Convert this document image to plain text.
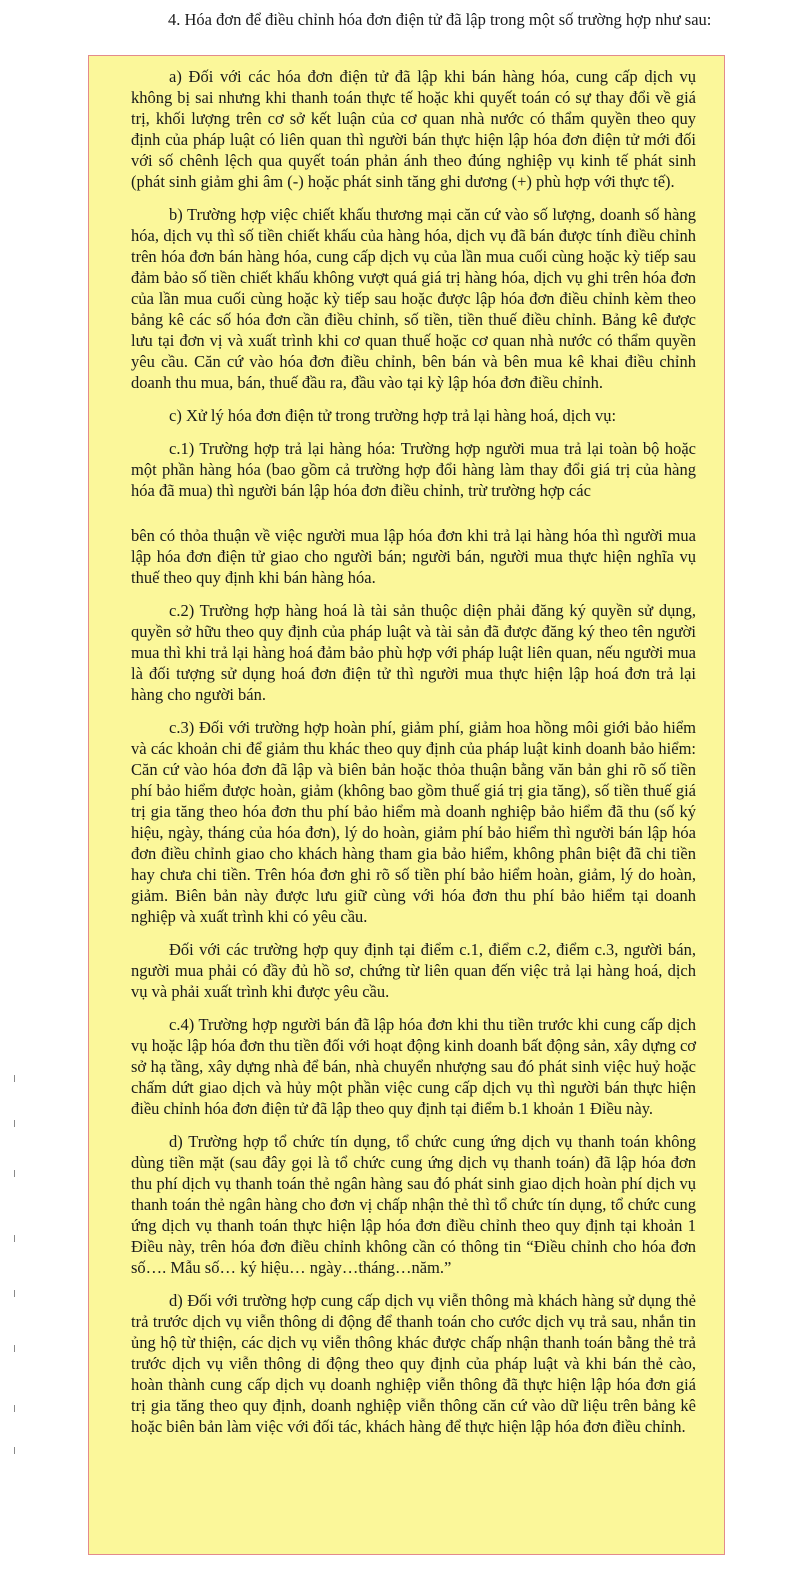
4. Hóa đơn để điều chỉnh hóa đơn điện tử đã lập trong một số trường hợp như sau:

a) Đối với các hóa đơn điện tử đã lập khi bán hàng hóa, cung cấp dịch vụ không bị sai nhưng khi thanh toán thực tế hoặc khi quyết toán có sự thay đổi về giá trị, khối lượng trên cơ sở kết luận của cơ quan nhà nước có thẩm quyền theo quy định của pháp luật có liên quan thì người bán thực hiện lập hóa đơn điện tử mới đối với số chênh lệch qua quyết toán phản ánh theo đúng nghiệp vụ kinh tế phát sinh (phát sinh giảm ghi âm (-) hoặc phát sinh tăng ghi dương (+) phù hợp với thực tế).

b) Trường hợp việc chiết khấu thương mại căn cứ vào số lượng, doanh số hàng hóa, dịch vụ thì số tiền chiết khấu của hàng hóa, dịch vụ đã bán được tính điều chỉnh trên hóa đơn bán hàng hóa, cung cấp dịch vụ của lần mua cuối cùng hoặc kỳ tiếp sau đảm bảo số tiền chiết khấu không vượt quá giá trị hàng hóa, dịch vụ ghi trên hóa đơn của lần mua cuối cùng hoặc kỳ tiếp sau hoặc được lập hóa đơn điều chỉnh kèm theo bảng kê các số hóa đơn cần điều chỉnh, số tiền, tiền thuế điều chỉnh. Bảng kê được lưu tại đơn vị và xuất trình khi cơ quan thuế hoặc cơ quan nhà nước có thẩm quyền yêu cầu. Căn cứ vào hóa đơn điều chỉnh, bên bán và bên mua kê khai điều chỉnh doanh thu mua, bán, thuế đầu ra, đầu vào tại kỳ lập hóa đơn điều chỉnh.

c) Xử lý hóa đơn điện tử trong trường hợp trả lại hàng hoá, dịch vụ:

c.1) Trường hợp trả lại hàng hóa: Trường hợp người mua trả lại toàn bộ hoặc một phần hàng hóa (bao gồm cả trường hợp đổi hàng làm thay đổi giá trị của hàng hóa đã mua) thì người bán lập hóa đơn điều chỉnh, trừ trường hợp các

bên có thỏa thuận về việc người mua lập hóa đơn khi trả lại hàng hóa thì người mua lập hóa đơn điện tử giao cho người bán; người bán, người mua thực hiện nghĩa vụ thuế theo quy định khi bán hàng hóa.

c.2) Trường hợp hàng hoá là tài sản thuộc diện phải đăng ký quyền sử dụng, quyền sở hữu theo quy định của pháp luật và tài sản đã được đăng ký theo tên người mua thì khi trả lại hàng hoá đảm bảo phù hợp với pháp luật liên quan, nếu người mua là đối tượng sử dụng hoá đơn điện tử thì người mua thực hiện lập hoá đơn trả lại hàng cho người bán.

c.3) Đối với trường hợp hoàn phí, giảm phí, giảm hoa hồng môi giới bảo hiểm và các khoản chi để giảm thu khác theo quy định của pháp luật kinh doanh bảo hiểm: Căn cứ vào hóa đơn đã lập và biên bản hoặc thỏa thuận bằng văn bản ghi rõ số tiền phí bảo hiểm được hoàn, giảm (không bao gồm thuế giá trị gia tăng), số tiền thuế giá trị gia tăng theo hóa đơn thu phí bảo hiểm mà doanh nghiệp bảo hiểm đã thu (số ký hiệu, ngày, tháng của hóa đơn), lý do hoàn, giảm phí bảo hiểm thì người bán lập hóa đơn điều chỉnh giao cho khách hàng tham gia bảo hiểm, không phân biệt đã chi tiền hay chưa chi tiền. Trên hóa đơn ghi rõ số tiền phí bảo hiểm hoàn, giảm, lý do hoàn, giảm. Biên bản này được lưu giữ cùng với hóa đơn thu phí bảo hiểm tại doanh nghiệp và xuất trình khi có yêu cầu.

Đối với các trường hợp quy định tại điểm c.1, điểm c.2, điểm c.3, người bán, người mua phải có đầy đủ hồ sơ, chứng từ liên quan đến việc trả lại hàng hoá, dịch vụ và phải xuất trình khi được yêu cầu.

c.4) Trường hợp người bán đã lập hóa đơn khi thu tiền trước khi cung cấp dịch vụ hoặc lập hóa đơn thu tiền đối với hoạt động kinh doanh bất động sản, xây dựng cơ sở hạ tầng, xây dựng nhà để bán, nhà chuyển nhượng sau đó phát sinh việc huỷ hoặc chấm dứt giao dịch và hủy một phần việc cung cấp dịch vụ thì người bán thực hiện điều chỉnh hóa đơn điện tử đã lập theo quy định tại điểm b.1 khoản 1 Điều này.

d) Trường hợp tổ chức tín dụng, tổ chức cung ứng dịch vụ thanh toán không dùng tiền mặt (sau đây gọi là tổ chức cung ứng dịch vụ thanh toán) đã lập hóa đơn thu phí dịch vụ thanh toán thẻ ngân hàng sau đó phát sinh giao dịch hoàn phí dịch vụ thanh toán thẻ ngân hàng cho đơn vị chấp nhận thẻ thì tổ chức tín dụng, tổ chức cung ứng dịch vụ thanh toán thực hiện lập hóa đơn điều chỉnh theo quy định tại khoản 1 Điều này, trên hóa đơn điều chỉnh không cần có thông tin “Điều chỉnh cho hóa đơn số…. Mẫu số… ký hiệu… ngày…tháng…năm.”

d) Đối với trường hợp cung cấp dịch vụ viễn thông mà khách hàng sử dụng thẻ trả trước dịch vụ viễn thông di động để thanh toán cho cước dịch vụ trả sau, nhắn tin ủng hộ từ thiện, các dịch vụ viễn thông khác được chấp nhận thanh toán bằng thẻ trả trước dịch vụ viễn thông di động theo quy định của pháp luật và khi bán thẻ cào, hoàn thành cung cấp dịch vụ doanh nghiệp viễn thông đã thực hiện lập hóa đơn giá trị gia tăng theo quy định, doanh nghiệp viễn thông căn cứ vào dữ liệu trên bảng kê hoặc biên bản làm việc với đối tác, khách hàng để thực hiện lập hóa đơn điều chỉnh.
